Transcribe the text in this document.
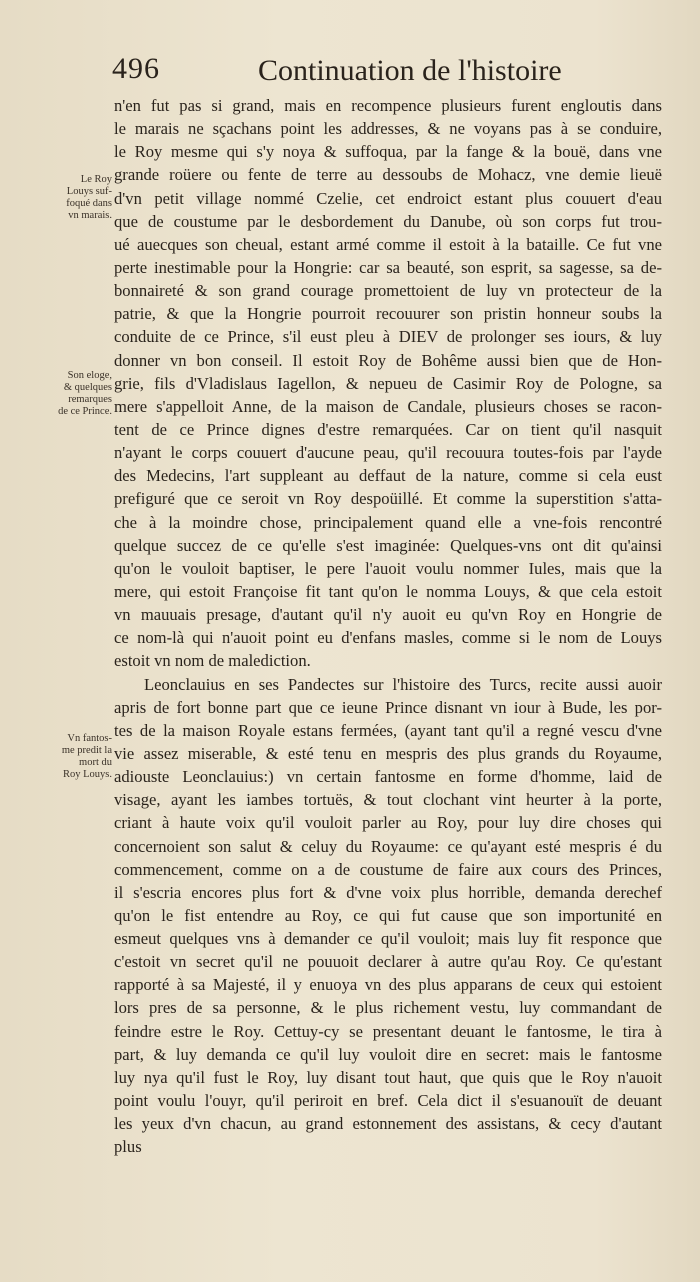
496	Continuation de l'histoire
Le Roy
Louys suf-
foqué dans
vn marais.
Son eloge,
& quelques
remarques
de ce Prince.
Vn fantos-
me predit la
mort du
Roy Louys.
n'en fut pas si grand, mais en recompence plusieurs furent engloutis dans
le marais ne sçachans point les addresses, & ne voyans pas à se conduire,
le Roy mesme qui s'y noya & suffoqua, par la fange & la bouë, dans vne
grande roüere ou fente de terre au dessoubs de Mohacz, vne demie lieuë
d'vn petit village nommé Czelie, cet endroict estant plus couuert d'eau
que de coustume par le desbordement du Danube, où son corps fut trou-
ué auecques son cheual, estant armé comme il estoit à la bataille. Ce fut vne
perte inestimable pour la Hongrie: car sa beauté, son esprit, sa sagesse, sa de-
bonnaireté & son grand courage promettoient de luy vn protecteur de la
patrie, & que la Hongrie pourroit recouurer son pristin honneur soubs la
conduite de ce Prince, s'il eust pleu à DIEV de prolonger ses iours, & luy
donner vn bon conseil. Il estoit Roy de Bohême aussi bien que de Hon-
grie, fils d'Vladislaus Iagellon, & nepueu de Casimir Roy de Pologne, sa
mere s'appelloit Anne, de la maison de Candale, plusieurs choses se racon-
tent de ce Prince dignes d'estre remarquées. Car on tient qu'il nasquit
n'ayant le corps couuert d'aucune peau, qu'il recouura toutes-fois par l'ayde
des Medecins, l'art suppleant au deffaut de la nature, comme si cela eust
prefiguré que ce seroit vn Roy despoüillé. Et comme la superstition s'atta-
che à la moindre chose, principalement quand elle a vne-fois rencontré
quelque succez de ce qu'elle s'est imaginée: Quelques-vns ont dit qu'ainsi
qu'on le vouloit baptiser, le pere l'auoit voulu nommer Iules, mais que la
mere, qui estoit Françoise fit tant qu'on le nomma Louys, & que cela estoit
vn mauuais presage, d'autant qu'il n'y auoit eu qu'vn Roy en Hongrie de
ce nom-là qui n'auoit point eu d'enfans masles, comme si le nom de Louys
estoit vn nom de malediction.
Leonclauius en ses Pandectes sur l'histoire des Turcs, recite aussi auoir
apris de fort bonne part que ce ieune Prince disnant vn iour à Bude, les por-
tes de la maison Royale estans fermées, (ayant tant qu'il a regné vescu d'vne
vie assez miserable, & esté tenu en mespris des plus grands du Royaume,
adiouste Leonclauius:) vn certain fantosme en forme d'homme, laid de
visage, ayant les iambes tortuës, & tout clochant vint heurter à la porte,
criant à haute voix qu'il vouloit parler au Roy, pour luy dire choses qui
concernoient son salut & celuy du Royaume: ce qu'ayant esté mespris é du
commencement, comme on a de coustume de faire aux cours des Princes,
il s'escria encores plus fort & d'vne voix plus horrible, demanda derechef
qu'on le fist entendre au Roy, ce qui fut cause que son importunité en
esmeut quelques vns à demander ce qu'il vouloit; mais luy fit responce que
c'estoit vn secret qu'il ne pouuoit declarer à autre qu'au Roy. Ce qu'estant
rapporté à sa Majesté, il y enuoya vn des plus apparans de ceux qui estoient
lors pres de sa personne, & le plus richement vestu, luy commandant de
feindre estre le Roy. Cettuy-cy se presentant deuant le fantosme, le tira à
part, & luy demanda ce qu'il luy vouloit dire en secret: mais le fantosme
luy nya qu'il fust le Roy, luy disant tout haut, que quis que le Roy n'auoit
point voulu l'ouyr, qu'il periroit en bref. Cela dict il s'esuanouït de deuant
les yeux d'vn chacun, au grand estonnement des assistans, & cecy d'autant
plus
